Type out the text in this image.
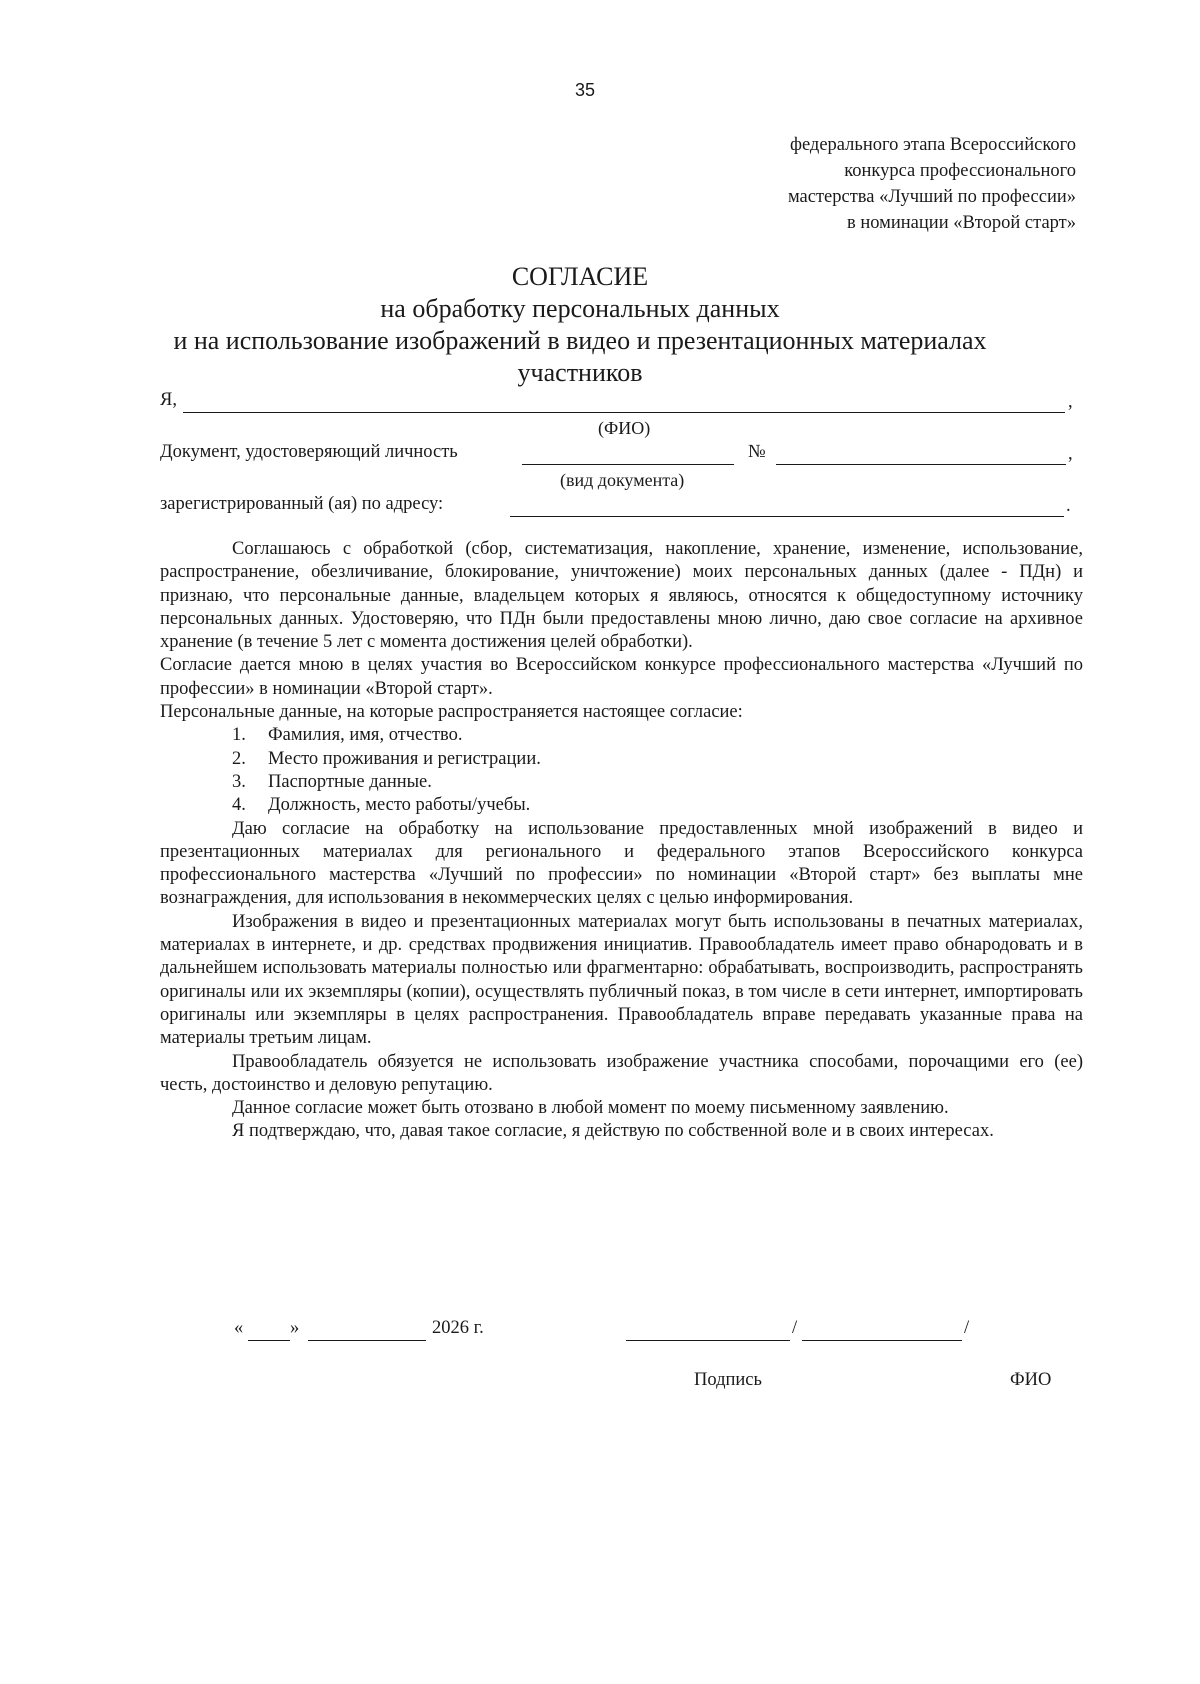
35
федерального этапа Всероссийского
конкурса профессионального
мастерства «Лучший по профессии»
в номинации «Второй старт»
СОГЛАСИЕ
на обработку персональных данных
и на использование изображений в видео и презентационных материалах
участников
Я,	,
(ФИО)
Документ, удостоверяющий личность	№	,
(вид документа)
зарегистрированный (ая) по адресу:	.

Соглашаюсь с обработкой (сбор, систематизация, накопление, хранение, изменение, использование, распространение, обезличивание, блокирование, уничтожение) моих персональных данных (далее - ПДн) и признаю, что персональные данные, владельцем которых я являюсь, относятся к общедоступному источнику персональных данных. Удостоверяю, что ПДн были предоставлены мною лично, даю свое согласие на архивное хранение (в течение 5 лет с момента достижения целей обработки).

Согласие дается мною в целях участия во Всероссийском конкурсе профессионального мастерства «Лучший по профессии» в номинации «Второй старт».

Персональные данные, на которые распространяется настоящее согласие:

1. Фамилия, имя, отчество.
2. Место проживания и регистрации.
3. Паспортные данные.
4. Должность, место работы/учебы.

Даю согласие на обработку на использование предоставленных мной изображений в видео и презентационных материалах для регионального и федерального этапов Всероссийского конкурса профессионального мастерства «Лучший по профессии» по номинации «Второй старт» без выплаты мне вознаграждения, для использования в некоммерческих целях с целью информирования.

Изображения в видео и презентационных материалах могут быть использованы в печатных материалах, материалах в интернете, и др. средствах продвижения инициатив. Правообладатель имеет право обнародовать и в дальнейшем использовать материалы полностью или фрагментарно: обрабатывать, воспроизводить, распространять оригиналы или их экземпляры (копии), осуществлять публичный показ, в том числе в сети интернет, импортировать оригиналы или экземпляры в целях распространения. Правообладатель вправе передавать указанные права на материалы третьим лицам.

Правообладатель обязуется не использовать изображение участника способами, порочащими его (ее) честь, достоинство и деловую репутацию.

Данное согласие может быть отозвано в любой момент по моему письменному заявлению.

Я подтверждаю, что, давая такое согласие, я действую по собственной воле и в своих интересах.

«	»	2026 г.	/	/
Подпись	ФИО
